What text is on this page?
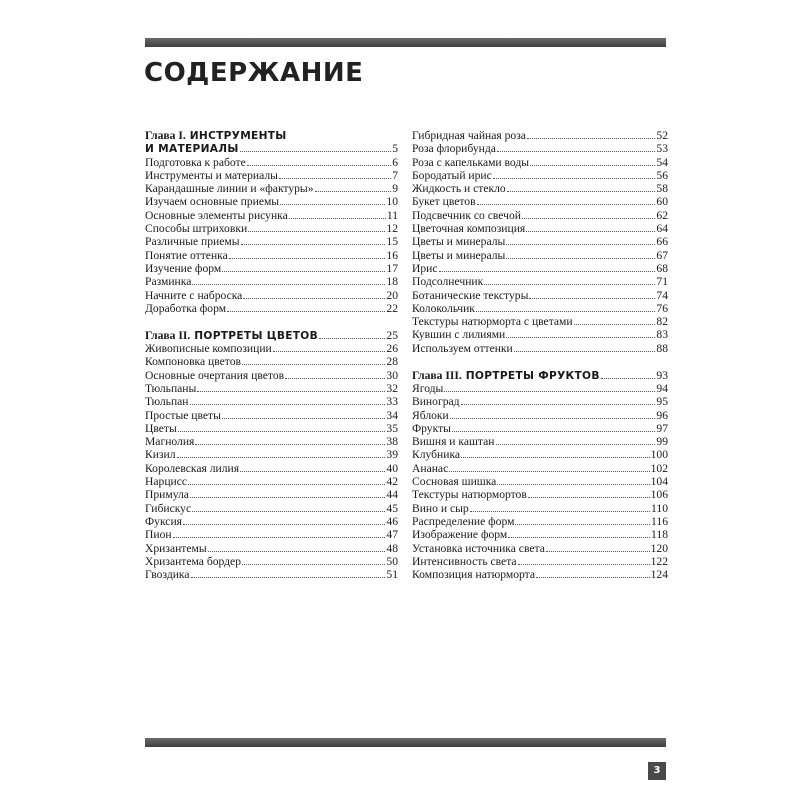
СОДЕРЖАНИЕ
Глава I. ИНСТРУМЕНТЫ
И МАТЕРИАЛЫ	5
Подготовка к работе	6
Инструменты и материалы	7
Карандашные линии и «фактуры»	9
Изучаем основные приемы	10
Основные элементы рисунка	11
Способы штриховки	12
Различные приемы	15
Понятие оттенка	16
Изучение форм	17
Разминка	18
Начните с наброска	20
Доработка форм	22
Глава II. ПОРТРЕТЫ ЦВЕТОВ	25
Живописные композиции	26
Компоновка цветов	28
Основные очертания цветов	30
Тюльпаны	32
Тюльпан	33
Простые цветы	34
Цветы	35
Магнолия	38
Кизил	39
Королевская лилия	40
Нарцисс	42
Примула	44
Гибискус	45
Фуксия	46
Пион	47
Хризантемы	48
Хризантема бордер	50
Гвоздика	51
Гибридная чайная роза	52
Роза флорибунда	53
Роза с капельками воды	54
Бородатый ирис	56
Жидкость и стекло	58
Букет цветов	60
Подсвечник со свечой	62
Цветочная композиция	64
Цветы и минералы	66
Цветы и минералы	67
Ирис	68
Подсолнечник	71
Ботанические текстуры	74
Колокольчик	76
Текстуры натюрморта с цветами	82
Кувшин с лилиями	83
Используем оттенки	88
Глава III. ПОРТРЕТЫ ФРУКТОВ	93
Ягоды	94
Виноград	95
Яблоки	96
Фрукты	97
Вишня и каштан	99
Клубника	100
Ананас	102
Сосновая шишка	104
Текстуры натюрмортов	106
Вино и сыр	110
Распределение форм	116
Изображение форм	118
Установка источника света	120
Интенсивность света	122
Композиция натюрморта	124
3
